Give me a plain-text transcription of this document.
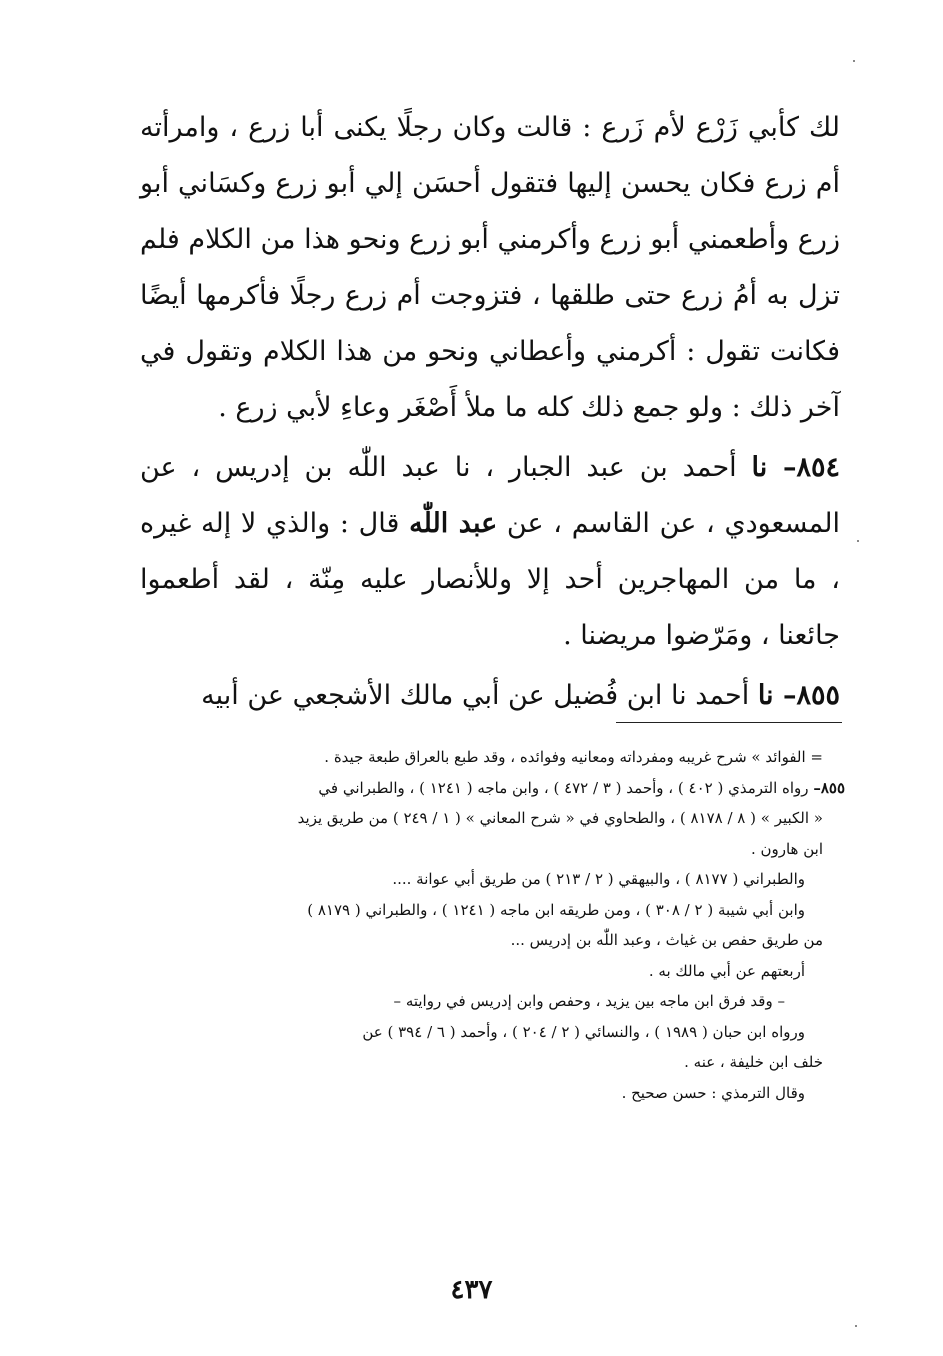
لك كأبي زَرْع لأم زَرع : قالت وكان رجلًا يكنى أبا زرع ، وامرأته أم زرع فكان يحسن إليها فتقول أحسَن إلي أبو زرع وكسَاني أبو زرع وأطعمني أبو زرع وأكرمني أبو زرع ونحو هذا من الكلام فلم تزل به أمُ زرع حتى طلقها ، فتزوجت أم زرع رجلًا فأكرمها أيضًا فكانت تقول : أكرمني وأعطاني ونحو من هذا الكلام وتقول في آخر ذلك : ولو جمع ذلك كله ما ملأ أَصْغَر وعاءِ لأبي زرع .

٨٥٤– نا أحمد بن عبد الجبار ، نا عبد اللّٰه بن إدريس ، عن المسعودي ، عن القاسم ، عن عبد اللّٰه قال : والذي لا إله غيره ، ما من المهاجرين أحد إلا وللأنصار عليه مِنّة ، لقد أطعموا جائعنا ، ومَرّضوا مريضنا .

٨٥٥– نا أحمد نا ابن فُضيل عن أبي مالك الأشجعي عن أبيه

= الفوائد » شرح غريبه ومفرداته ومعانيه وفوائده ، وقد طبع بالعراق طبعة جيدة .
٨٥٥– رواه الترمذي ( ٤٠٢ ) ، وأحمد ( ٣ / ٤٧٢ ) ، وابن ماجه ( ١٢٤١ ) ، والطبراني في
« الكبير » ( ٨ / ٨١٧٨ ) ، والطحاوي في « شرح المعاني » ( ١ / ٢٤٩ ) من طريق يزيد
ابن هارون .
والطبراني ( ٨١٧٧ ) ، والبيهقي ( ٢ / ٢١٣ ) من طريق أبي عوانة ....
وابن أبي شيبة ( ٢ / ٣٠٨ ) ، ومن طريقه ابن ماجه ( ١٢٤١ ) ، والطبراني ( ٨١٧٩ )
من طريق حفص بن غياث ، وعبد اللّٰه بن إدريس ...
أربعتهم عن أبي مالك به .
– وقد فرق ابن ماجه بين يزيد ، وحفص وابن إدريس في روايته –
ورواه ابن حبان ( ١٩٨٩ ) ، والنسائي ( ٢ / ٢٠٤ ) ، وأحمد ( ٦ / ٣٩٤ ) عن
خلف ابن خليفة ، عنه .
وقال الترمذي : حسن صحيح .
٤٣٧
